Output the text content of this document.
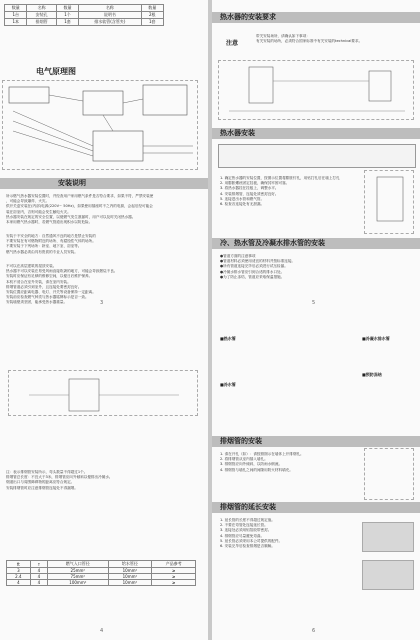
数量	名称	数量	名称	数量
1台	安装孔	1个	说明书	2根
1本	排烟管	1套	排水软管(含管夹)	1套
电气原理图
安装说明

所示燃气热水器安装位置时，并经查用户家用燃气条件是否符合要求，如果不符，严禁安装使

，可能会导致爆炸、火灾。

供开关盒安装在(内部)电源(220V~ 50Hz)，如果使用插座时不之内的电源，会起后经可能会

装在浴室内，否则可能会发生触电火灾。

热水器安装在规定的安全位置，以便燃气发生泄漏时，用户可以及时关闭热水器。

本家用燃气热水器时，若燃气管道出现积水以防危险。

安装于不安全的地方：自然通风不良的地方是禁止安装的

不要安装在有可燃物附近的场所、有腐蚀性气体的场所。

不要安装于下列场所：卧室、地下室、浴室等。

燃气热水器必须由具有资质的专业人员安装。

不可以在高层建筑的屋顶安装。

热水器不可以安装在易受风雨直接吹袭的地方，可能会导致燃烧不良。

安装时应保证有足够的维修空间，以便日后维护保养。

本机不适合在室外安装，请在室内安装。

排烟管道必须引到室外，且连接处要密封良好。

安装位置应距离电器、电灯、开关等设备保持一定距离。

安装前应检查燃气种类与热水器铭牌标示是否一致。

安装墙壁须坚固，能承受热水器重量。	3

注：表示排烟管安装所示，弯头数量不得超过1个。

排烟管总长度：不宜大于3米，排烟管应向外倾斜以便排出冷凝水。

烟道出口与周围障碍物的距离应符合规定。

安装排烟管时应注意排烟管连接处不得漏烟。

ft	↑	燃气入口管径	给水管径	产品参考
3	4	25mm²	10mm²	≥
2.4	4	75mm²	10mm²	≥
4	4	100mm²	10mm²	≥
4
热水器的安装要求
注意

带关安装场所，请确认如下事项：

有关安装的场所，必须符合国家标准中有关安装的technical要求。

热水器安装

1. 确定热水器的安装位置，按图示位置将膨胀钉孔，用钻打孔后在墙上打孔

2. 用膨胀螺丝固定挂板，确保其牢固可靠。

3. 将热水器挂在挂板上，调整水平。

4. 安装排烟管，连接处须密封良好。

5. 连接进出水管和燃气管。

6. 检查各连接处有无泄漏。

冷、热水管及冷凝水排水管的安装

●管道方面的注意事项

●管道材料必须使用适宜的材料并按标准连接。

●所有管道连接完毕后必须进行试压检漏。

●冷凝水排水管应引到合适的排水口处。

●为了防止冻结，管道应采取保温措施。

5
■热水管
■冷水管
■冷凝水排水管
■预防冻结
排烟管的安装

1. 请在开孔（如）：请按照图示在墙体上开排烟孔。

2. 将排烟管从室内插入墙孔。

3. 排烟管应向外倾斜，以防雨水倒流。

4. 排烟管与墙孔之间的间隙用防火材料填充。

排烟管的延长安装

1. 延长管的长度不得超过规定值。

2. 不要在弯管处连接延长管。

3. 连接处必须用铝箔胶带密封。

4. 排烟管应尽量避免弯曲。

5. 延长管必须采用本公司提供的配件。

6. 安装完毕后检查排烟是否顺畅。

6
